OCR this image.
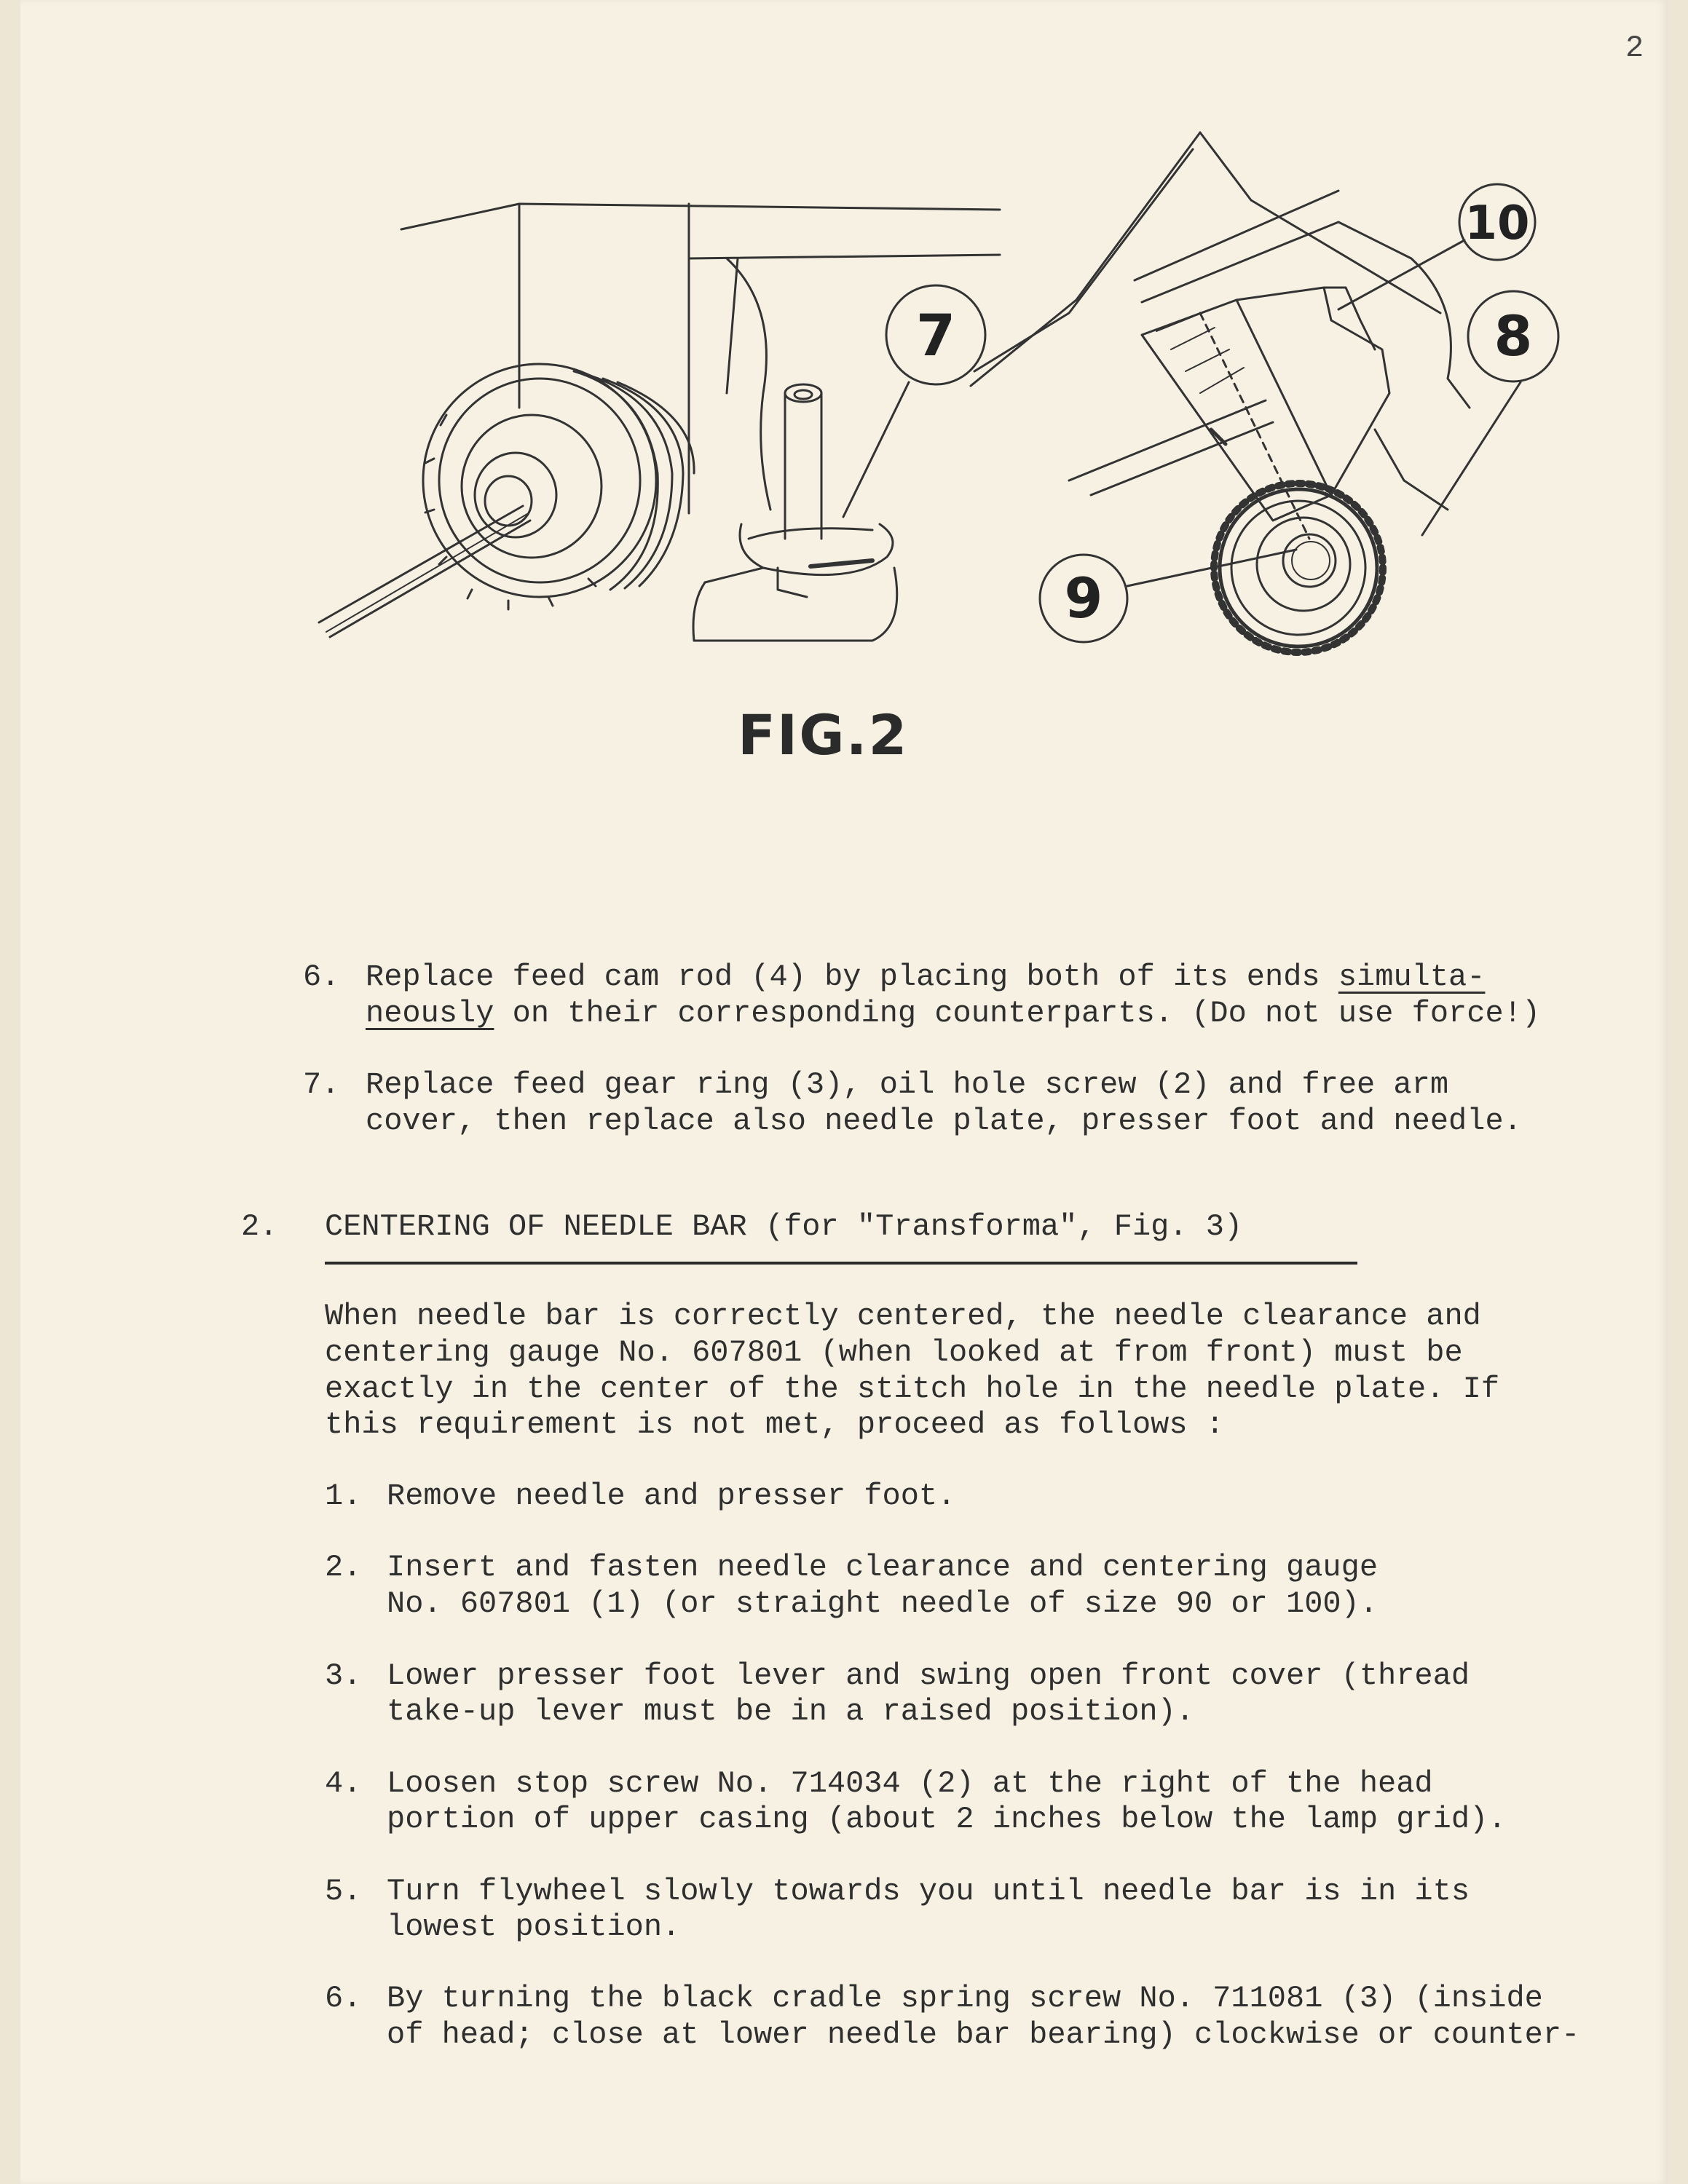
2
10
8
7
9
FIG.2
6. Replace feed cam rod (4) by placing both of its ends simulta-
neously on their corresponding counterparts. (Do not use force!)
7. Replace feed gear ring (3), oil hole screw (2) and free arm
cover, then replace also needle plate, presser foot and needle.
2. CENTERING OF NEEDLE BAR (for "Transforma", Fig. 3)
When needle bar is correctly centered, the needle clearance and
centering gauge No. 607801 (when looked at from front) must be
exactly in the center of the stitch hole in the needle plate. If
this requirement is not met, proceed as follows :
1. Remove needle and presser foot.
2. Insert and fasten needle clearance and centering gauge
No. 607801 (1) (or straight needle of size 90 or 100).
3. Lower presser foot lever and swing open front cover (thread
take-up lever must be in a raised position).
4. Loosen stop screw No. 714034 (2) at the right of the head
portion of upper casing (about 2 inches below the lamp grid).
5. Turn flywheel slowly towards you until needle bar is in its
lowest position.
6. By turning the black cradle spring screw No. 711081 (3) (inside
of head; close at lower needle bar bearing) clockwise or counter-
